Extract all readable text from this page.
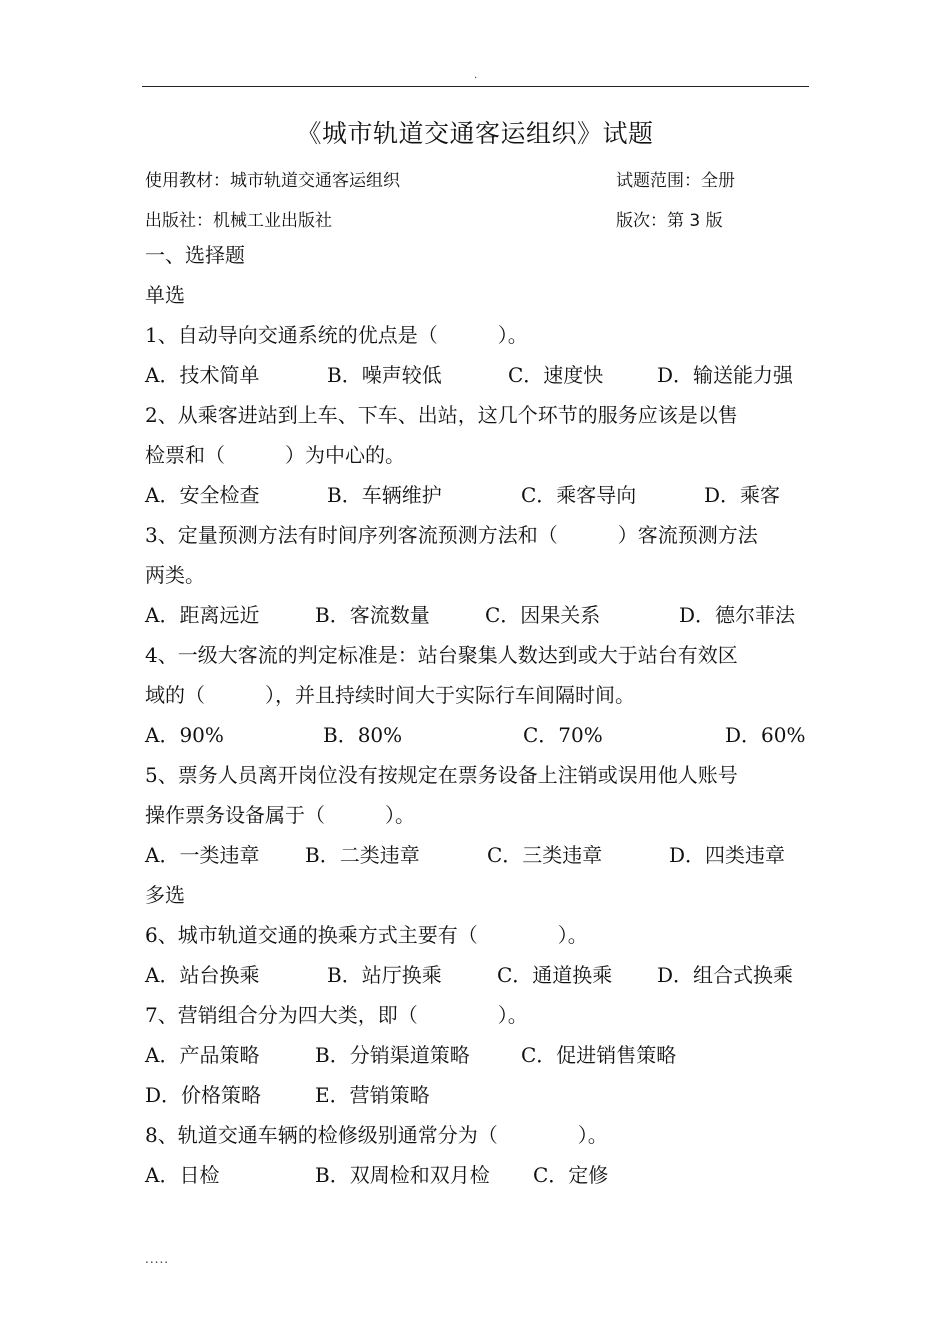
.
《城市轨道交通客运组织》试题
使用教材：城市轨道交通客运组织	试题范围：全册
出版社：机械工业出版社	版次：第 3 版
一、选择题
单选
1、自动导向交通系统的优点是（　　　）。
A．技术简单	B．噪声较低	C．速度快	D．输送能力强
2、从乘客进站到上车、下车、出站，这几个环节的服务应该是以售
检票和（　　　）为中心的。
A．安全检查	B．车辆维护	C．乘客导向	D．乘客
3、定量预测方法有时间序列客流预测方法和（　　　）客流预测方法
两类。
A．距离远近	B．客流数量	C．因果关系	D．德尔菲法
4、一级大客流的判定标准是：站台聚集人数达到或大于站台有效区
域的（　　　），并且持续时间大于实际行车间隔时间。
A．90%	B．80%	C．70%	D．60%
5、票务人员离开岗位没有按规定在票务设备上注销或误用他人账号
操作票务设备属于（　　　）。
A．一类违章 B．二类违章	C．三类违章	D．四类违章
多选
6、城市轨道交通的换乘方式主要有（　　　　）。
A．站台换乘	B．站厅换乘	C．通道换乘 D．组合式换乘
7、营销组合分为四大类，即（　　　　）。
A．产品策略	B．分销渠道策略	C．促进销售策略
D．价格策略	E．营销策略
8、轨道交通车辆的检修级别通常分为（　　　　）。
A．日检	B．双周检和双月检 C．定修
.....
